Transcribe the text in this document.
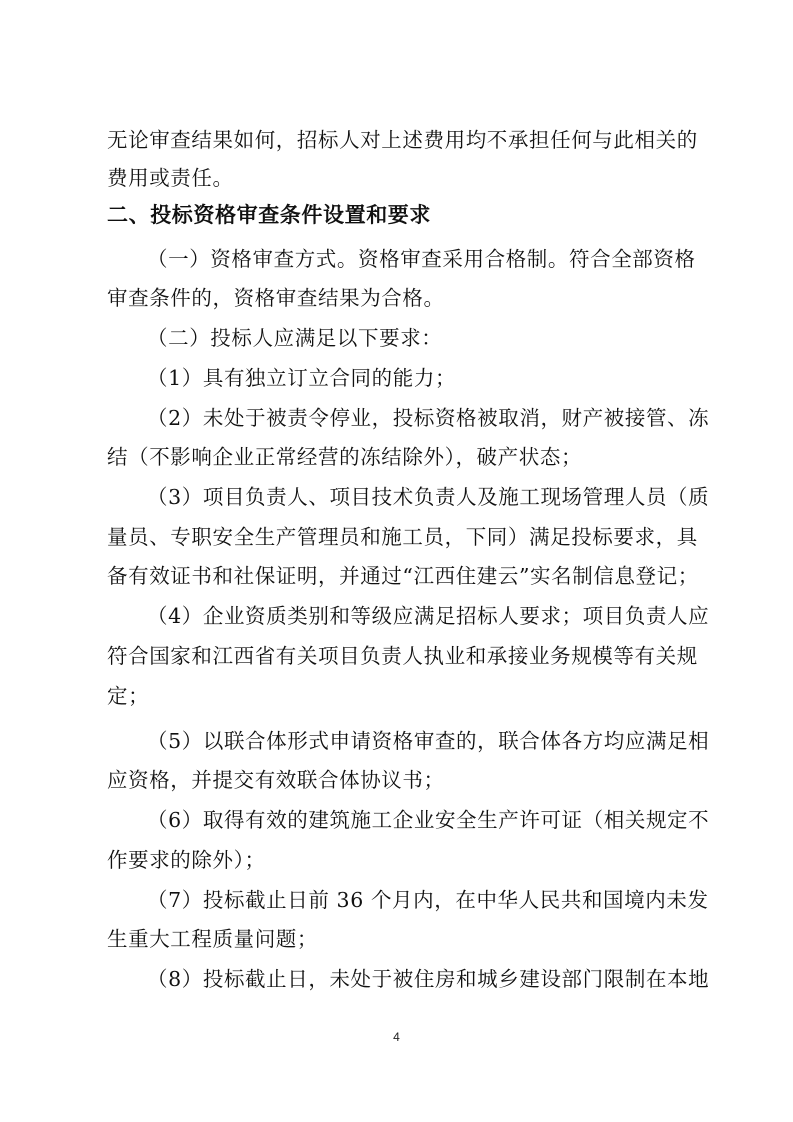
无论审查结果如何，招标人对上述费用均不承担任何与此相关的

费用或责任。

二、投标资格审查条件设置和要求

（一）资格审查方式。资格审查采用合格制。符合全部资格

审查条件的，资格审查结果为合格。

（二）投标人应满足以下要求：

（1）具有独立订立合同的能力；

（2）未处于被责令停业，投标资格被取消，财产被接管、冻

结（不影响企业正常经营的冻结除外），破产状态；

（3）项目负责人、项目技术负责人及施工现场管理人员（质

量员、专职安全生产管理员和施工员，下同）满足投标要求，具

备有效证书和社保证明，并通过“江西住建云”实名制信息登记；

（4）企业资质类别和等级应满足招标人要求；项目负责人应

符合国家和江西省有关项目负责人执业和承接业务规模等有关规

定；

（5）以联合体形式申请资格审查的，联合体各方均应满足相

应资格，并提交有效联合体协议书；

（6）取得有效的建筑施工企业安全生产许可证（相关规定不

作要求的除外）；

（7）投标截止日前 36 个月内，在中华人民共和国境内未发

生重大工程质量问题；

（8）投标截止日，未处于被住房和城乡建设部门限制在本地

4
